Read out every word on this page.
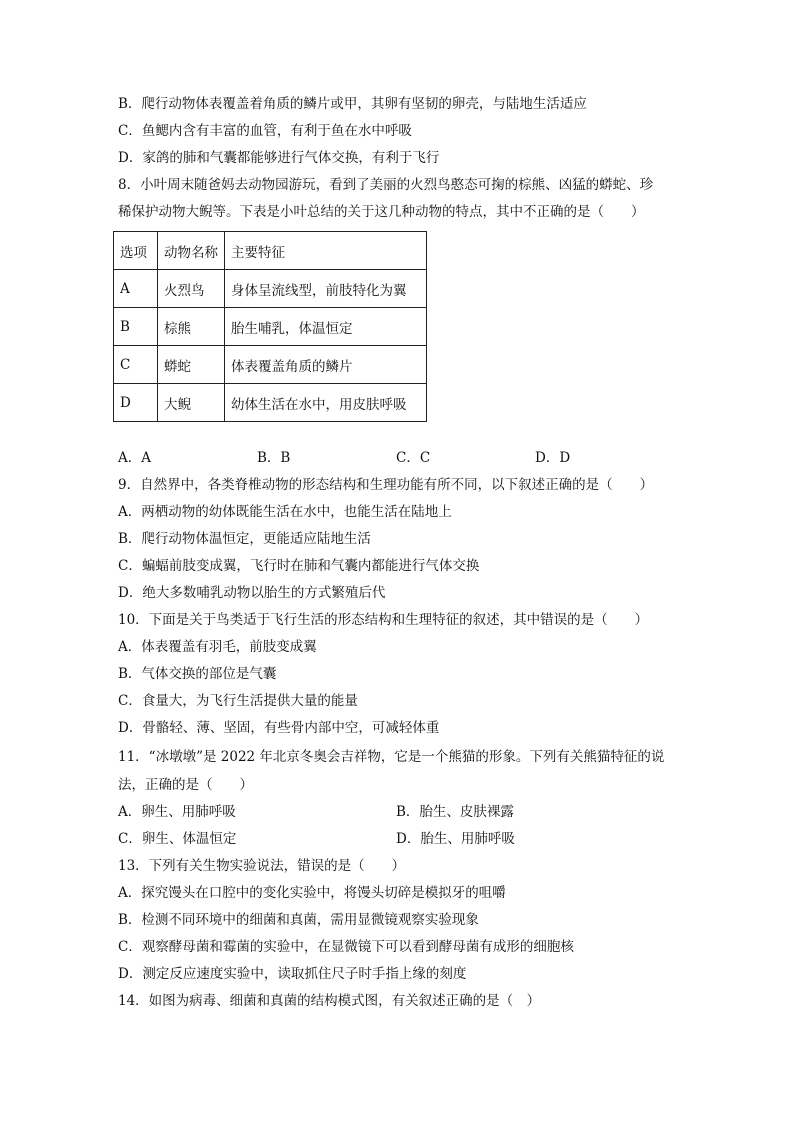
B．爬行动物体表覆盖着角质的鳞片或甲，其卵有坚韧的卵壳，与陆地生活适应
C．鱼鳃内含有丰富的血管，有利于鱼在水中呼吸
D．家鸽的肺和气囊都能够进行气体交换，有利于飞行
8．小叶周末随爸妈去动物园游玩，看到了美丽的火烈鸟憨态可掬的棕熊、凶猛的蟒蛇、珍
稀保护动物大鲵等。下表是小叶总结的关于这几种动物的特点，其中不正确的是（　　）
选项	动物名称	主要特征
A	火烈鸟	身体呈流线型，前肢特化为翼
B	棕熊	胎生哺乳，体温恒定
C	蟒蛇	体表覆盖角质的鳞片
D	大鲵	幼体生活在水中，用皮肤呼吸
A．A	B．B	C．C	D．D
9．自然界中，各类脊椎动物的形态结构和生理功能有所不同，以下叙述正确的是（　　）
A．两栖动物的幼体既能生活在水中，也能生活在陆地上
B．爬行动物体温恒定，更能适应陆地生活
C．蝙蝠前肢变成翼，飞行时在肺和气囊内都能进行气体交换
D．绝大多数哺乳动物以胎生的方式繁殖后代
10．下面是关于鸟类适于飞行生活的形态结构和生理特征的叙述，其中错误的是（　　）
A．体表覆盖有羽毛，前肢变成翼
B．气体交换的部位是气囊
C．食量大，为飞行生活提供大量的能量
D．骨骼轻、薄、坚固，有些骨内部中空，可减轻体重
11．“冰墩墩”是 2022 年北京冬奥会吉祥物，它是一个熊猫的形象。下列有关熊猫特征的说
法，正确的是（　　）
A．卵生、用肺呼吸	B．胎生、皮肤裸露
C．卵生、体温恒定	D．胎生、用肺呼吸
13．下列有关生物实验说法，错误的是（　　）
A．探究馒头在口腔中的变化实验中，将馒头切碎是模拟牙的咀嚼
B．检测不同环境中的细菌和真菌，需用显微镜观察实验现象
C．观察酵母菌和霉菌的实验中，在显微镜下可以看到酵母菌有成形的细胞核
D．测定反应速度实验中，读取抓住尺子时手指上缘的刻度
14．如图为病毒、细菌和真菌的结构模式图，有关叙述正确的是（　）
